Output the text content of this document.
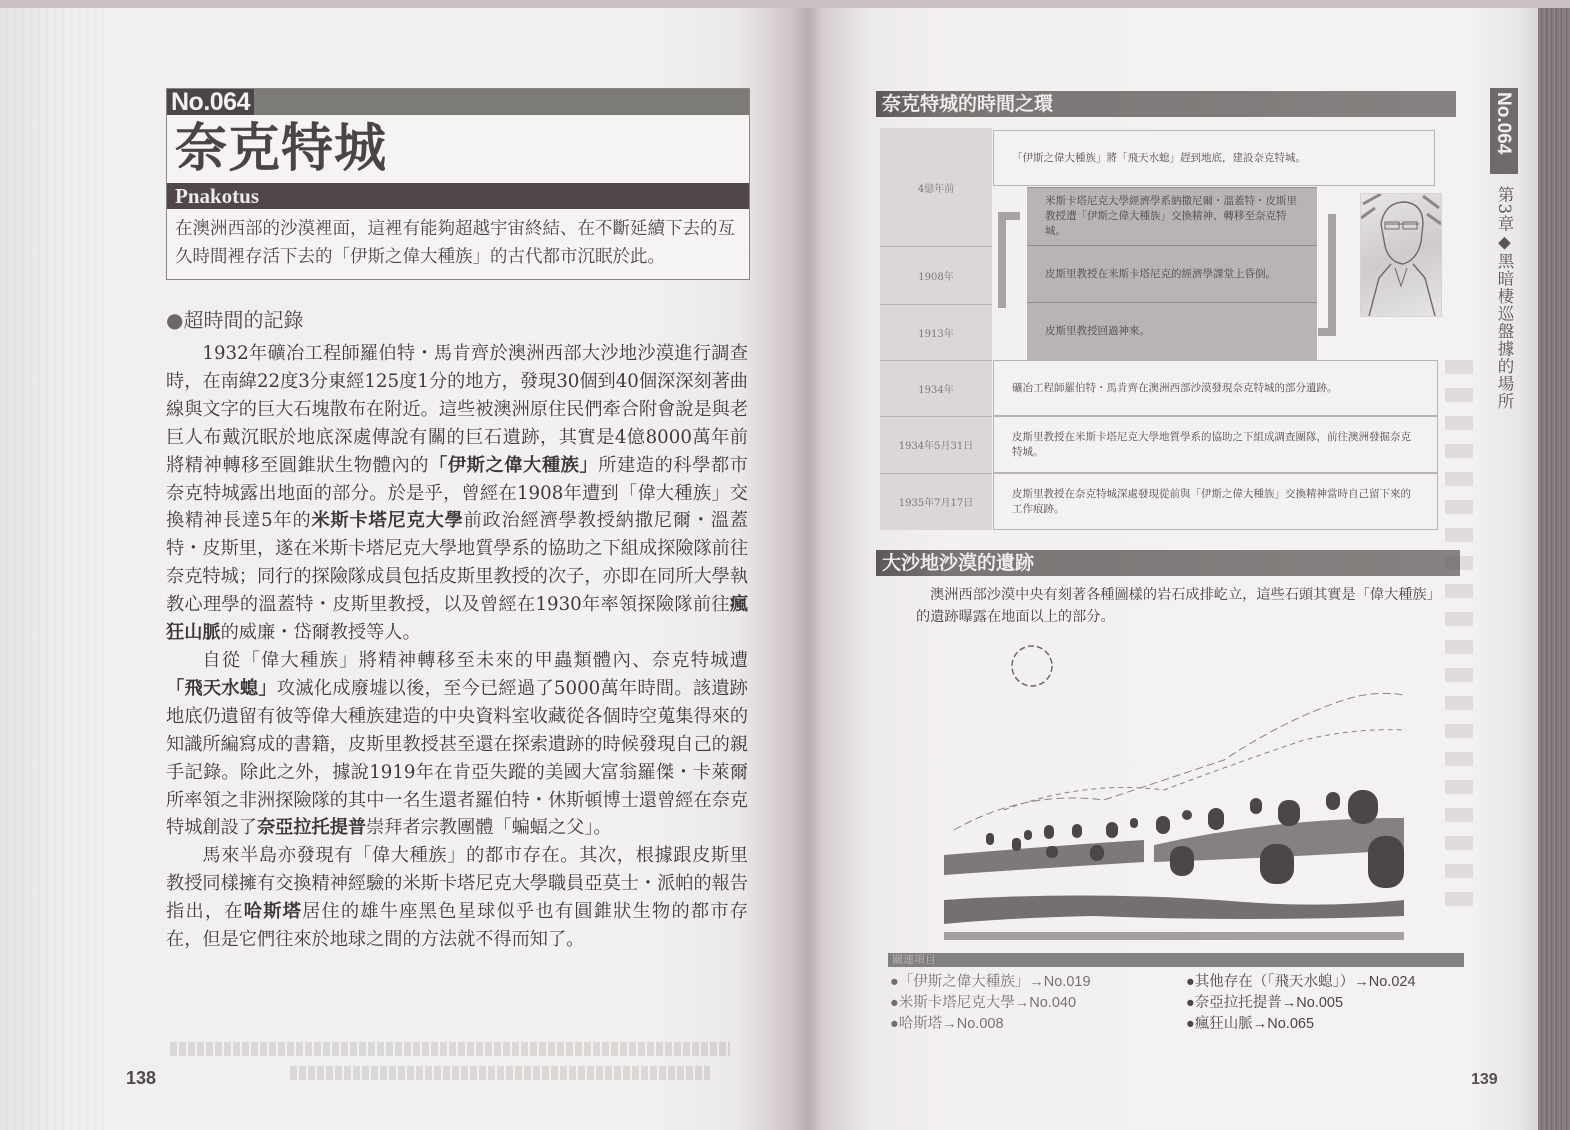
No.064
奈克特城
Pnakotus
在澳洲西部的沙漠裡面，這裡有能夠超越宇宙終結、在不斷延續下去的亙久時間裡存活下去的「伊斯之偉大種族」的古代都市沉眠於此。
●超時間的記錄

1932年礦冶工程師羅伯特・馬肯齊於澳洲西部大沙地沙漠進行調查時，在南緯22度3分東經125度1分的地方，發現30個到40個深深刻著曲線與文字的巨大石塊散布在附近。這些被澳洲原住民們牽合附會說是與老巨人布戴沉眠於地底深處傳說有關的巨石遺跡，其實是4億8000萬年前將精神轉移至圓錐狀生物體內的「伊斯之偉大種族」所建造的科學都市奈克特城露出地面的部分。於是乎，曾經在1908年遭到「偉大種族」交換精神長達5年的米斯卡塔尼克大學前政治經濟學教授納撒尼爾・溫蓋特・皮斯里，遂在米斯卡塔尼克大學地質學系的協助之下組成探險隊前往奈克特城；同行的探險隊成員包括皮斯里教授的次子，亦即在同所大學執教心理學的溫蓋特・皮斯里教授，以及曾經在1930年率領探險隊前往瘋狂山脈的威廉・岱爾教授等人。

自從「偉大種族」將精神轉移至未來的甲蟲類體內、奈克特城遭「飛天水螅」攻滅化成廢墟以後，至今已經過了5000萬年時間。該遺跡地底仍遺留有彼等偉大種族建造的中央資料室收藏從各個時空蒐集得來的知識所編寫成的書籍，皮斯里教授甚至還在探索遺跡的時候發現自己的親手記錄。除此之外，據說1919年在肯亞失蹤的美國大富翁羅傑・卡萊爾所率領之非洲探險隊的其中一名生還者羅伯特・休斯頓博士還曾經在奈克特城創設了奈亞拉托提普崇拜者宗教團體「蝙蝠之父」。

馬來半島亦發現有「偉大種族」的都市存在。其次，根據跟皮斯里教授同樣擁有交換精神經驗的米斯卡塔尼克大學職員亞莫士・派帕的報告指出，在哈斯塔居住的雄牛座黑色星球似乎也有圓錐狀生物的都市存在，但是它們往來於地球之間的方法就不得而知了。

138
奈克特城的時間之環
4億年前
1908年
1913年
1934年
1934年5月31日
1935年7月17日
「伊斯之偉大種族」將「飛天水螅」趕到地底，建設奈克特城。
米斯卡塔尼克大學經濟學系納撒尼爾・溫蓋特・皮斯里教授遭「伊斯之偉大種族」交換精神、轉移至奈克特城。
皮斯里教授在米斯卡塔尼克的經濟學課堂上昏倒。
皮斯里教授回過神來。
礦冶工程師羅伯特・馬肯齊在澳洲西部沙漠發現奈克特城的部分遺跡。
皮斯里教授在米斯卡塔尼克大學地質學系的協助之下組成調查團隊，前往澳洲發掘奈克特城。
皮斯里教授在奈克特城深處發現從前與「伊斯之偉大種族」交換精神當時自己留下來的工作痕跡。
大沙地沙漠的遺跡
澳洲西部沙漠中央有刻著各種圖樣的岩石成排屹立，這些石頭其實是「偉大種族」的遺跡曝露在地面以上的部分。
關連項目
●「伊斯之偉大種族」→No.019
●米斯卡塔尼克大學→No.040
●哈斯塔→No.008
●其他存在（「飛天水螅」）→No.024
●奈亞拉托提普→No.005
●瘋狂山脈→No.065
No.064
第3章◆黑暗棲巡盤據的場所
139
